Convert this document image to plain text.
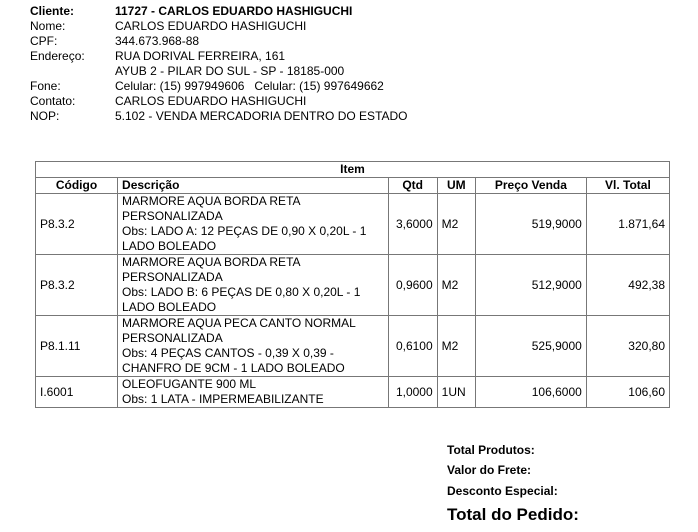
Cliente:	11727 - CARLOS EDUARDO HASHIGUCHI
Nome:	CARLOS EDUARDO HASHIGUCHI
CPF:	344.673.968-88
Endereço:	RUA DORIVAL FERREIRA, 161
AYUB 2 - PILAR DO SUL - SP - 18185-000
Fone:	Celular: (15) 997949606   Celular: (15) 997649662
Contato:	CARLOS EDUARDO HASHIGUCHI
NOP:	5.102 - VENDA MERCADORIA DENTRO DO ESTADO
Item					
Código	Descrição	Qtd	UM	Preço Venda	Vl. Total
P8.3.2	MARMORE AQUA BORDA RETA
PERSONALIZADA
Obs: LADO A: 12 PEÇAS DE 0,90 X 0,20L - 1
LADO BOLEADO	3,6000	M2	519,9000	1.871,64
P8.3.2	MARMORE AQUA BORDA RETA
PERSONALIZADA
Obs: LADO B: 6 PEÇAS DE 0,80 X 0,20L - 1
LADO BOLEADO	0,9600	M2	512,9000	492,38
P8.1.11	MARMORE AQUA PECA CANTO NORMAL
PERSONALIZADA
Obs: 4 PEÇAS CANTOS - 0,39 X 0,39 -
CHANFRO DE 9CM - 1 LADO BOLEADO	0,6100	M2	525,9000	320,80
I.6001	OLEOFUGANTE 900 ML
Obs: 1 LATA - IMPERMEABILIZANTE	1,0000	1UN	106,6000	106,60
Total Produtos:
Valor do Frete:
Desconto Especial:
Total do Pedido:
